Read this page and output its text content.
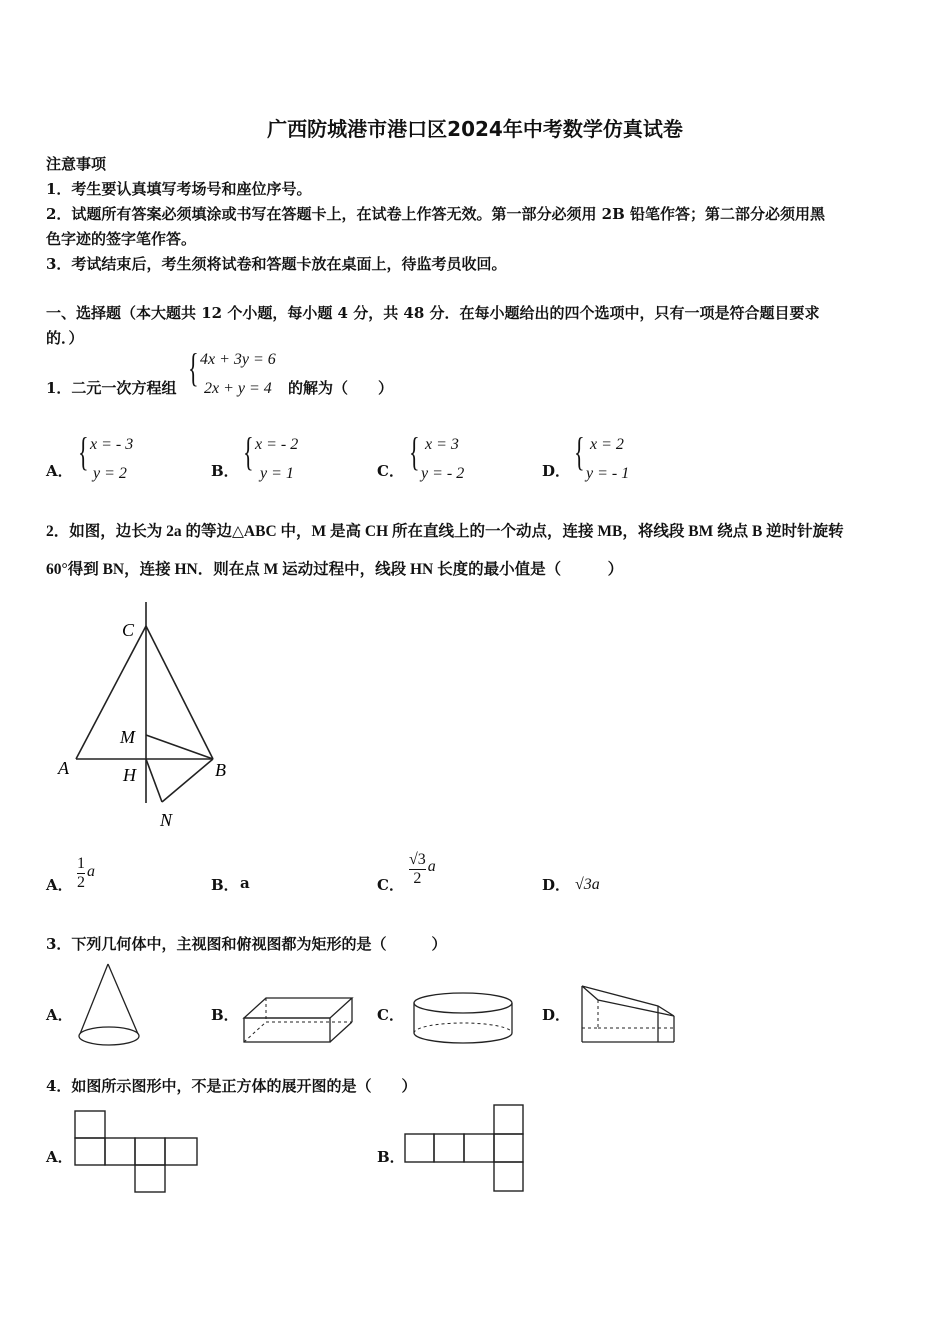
广西防城港市港口区2024年中考数学仿真试卷
注意事项
1．考生要认真填写考场号和座位序号。
2．试题所有答案必须填涂或书写在答题卡上，在试卷上作答无效。第一部分必须用 2B 铅笔作答；第二部分必须用黑
色字迹的签字笔作答。
3．考试结束后，考生须将试卷和答题卡放在桌面上，待监考员收回。
一、选择题（本大题共 12 个小题，每小题 4 分，共 48 分．在每小题给出的四个选项中，只有一项是符合题目要求
的．）
1．二元一次方程组 { 4x + 3y = 6
2x + y = 4 的解为（　　）
A． { x = - 3
y = 2	B． { x = - 2
y = 1	C． { x = 3
y = - 2	D． { x = 2
y = - 1
2．如图，边长为 2a 的等边△ABC 中，M 是高 CH 所在直线上的一个动点，连接 MB，将线段 BM 绕点 B 逆时针旋转
60°得到 BN，连接 HN．则在点 M 运动过程中，线段 HN 长度的最小值是（　　　）
C
M
A	H	B
N
A． $\frac{1}{2}$ a
B． a	C． $\frac{√3}{2}$ a
D． √3a
3．下列几何体中，主视图和俯视图都为矩形的是（　　　）
A．	B．	C．	D．
4．如图所示图形中，不是正方体的展开图的是（　　）
A．	B．
